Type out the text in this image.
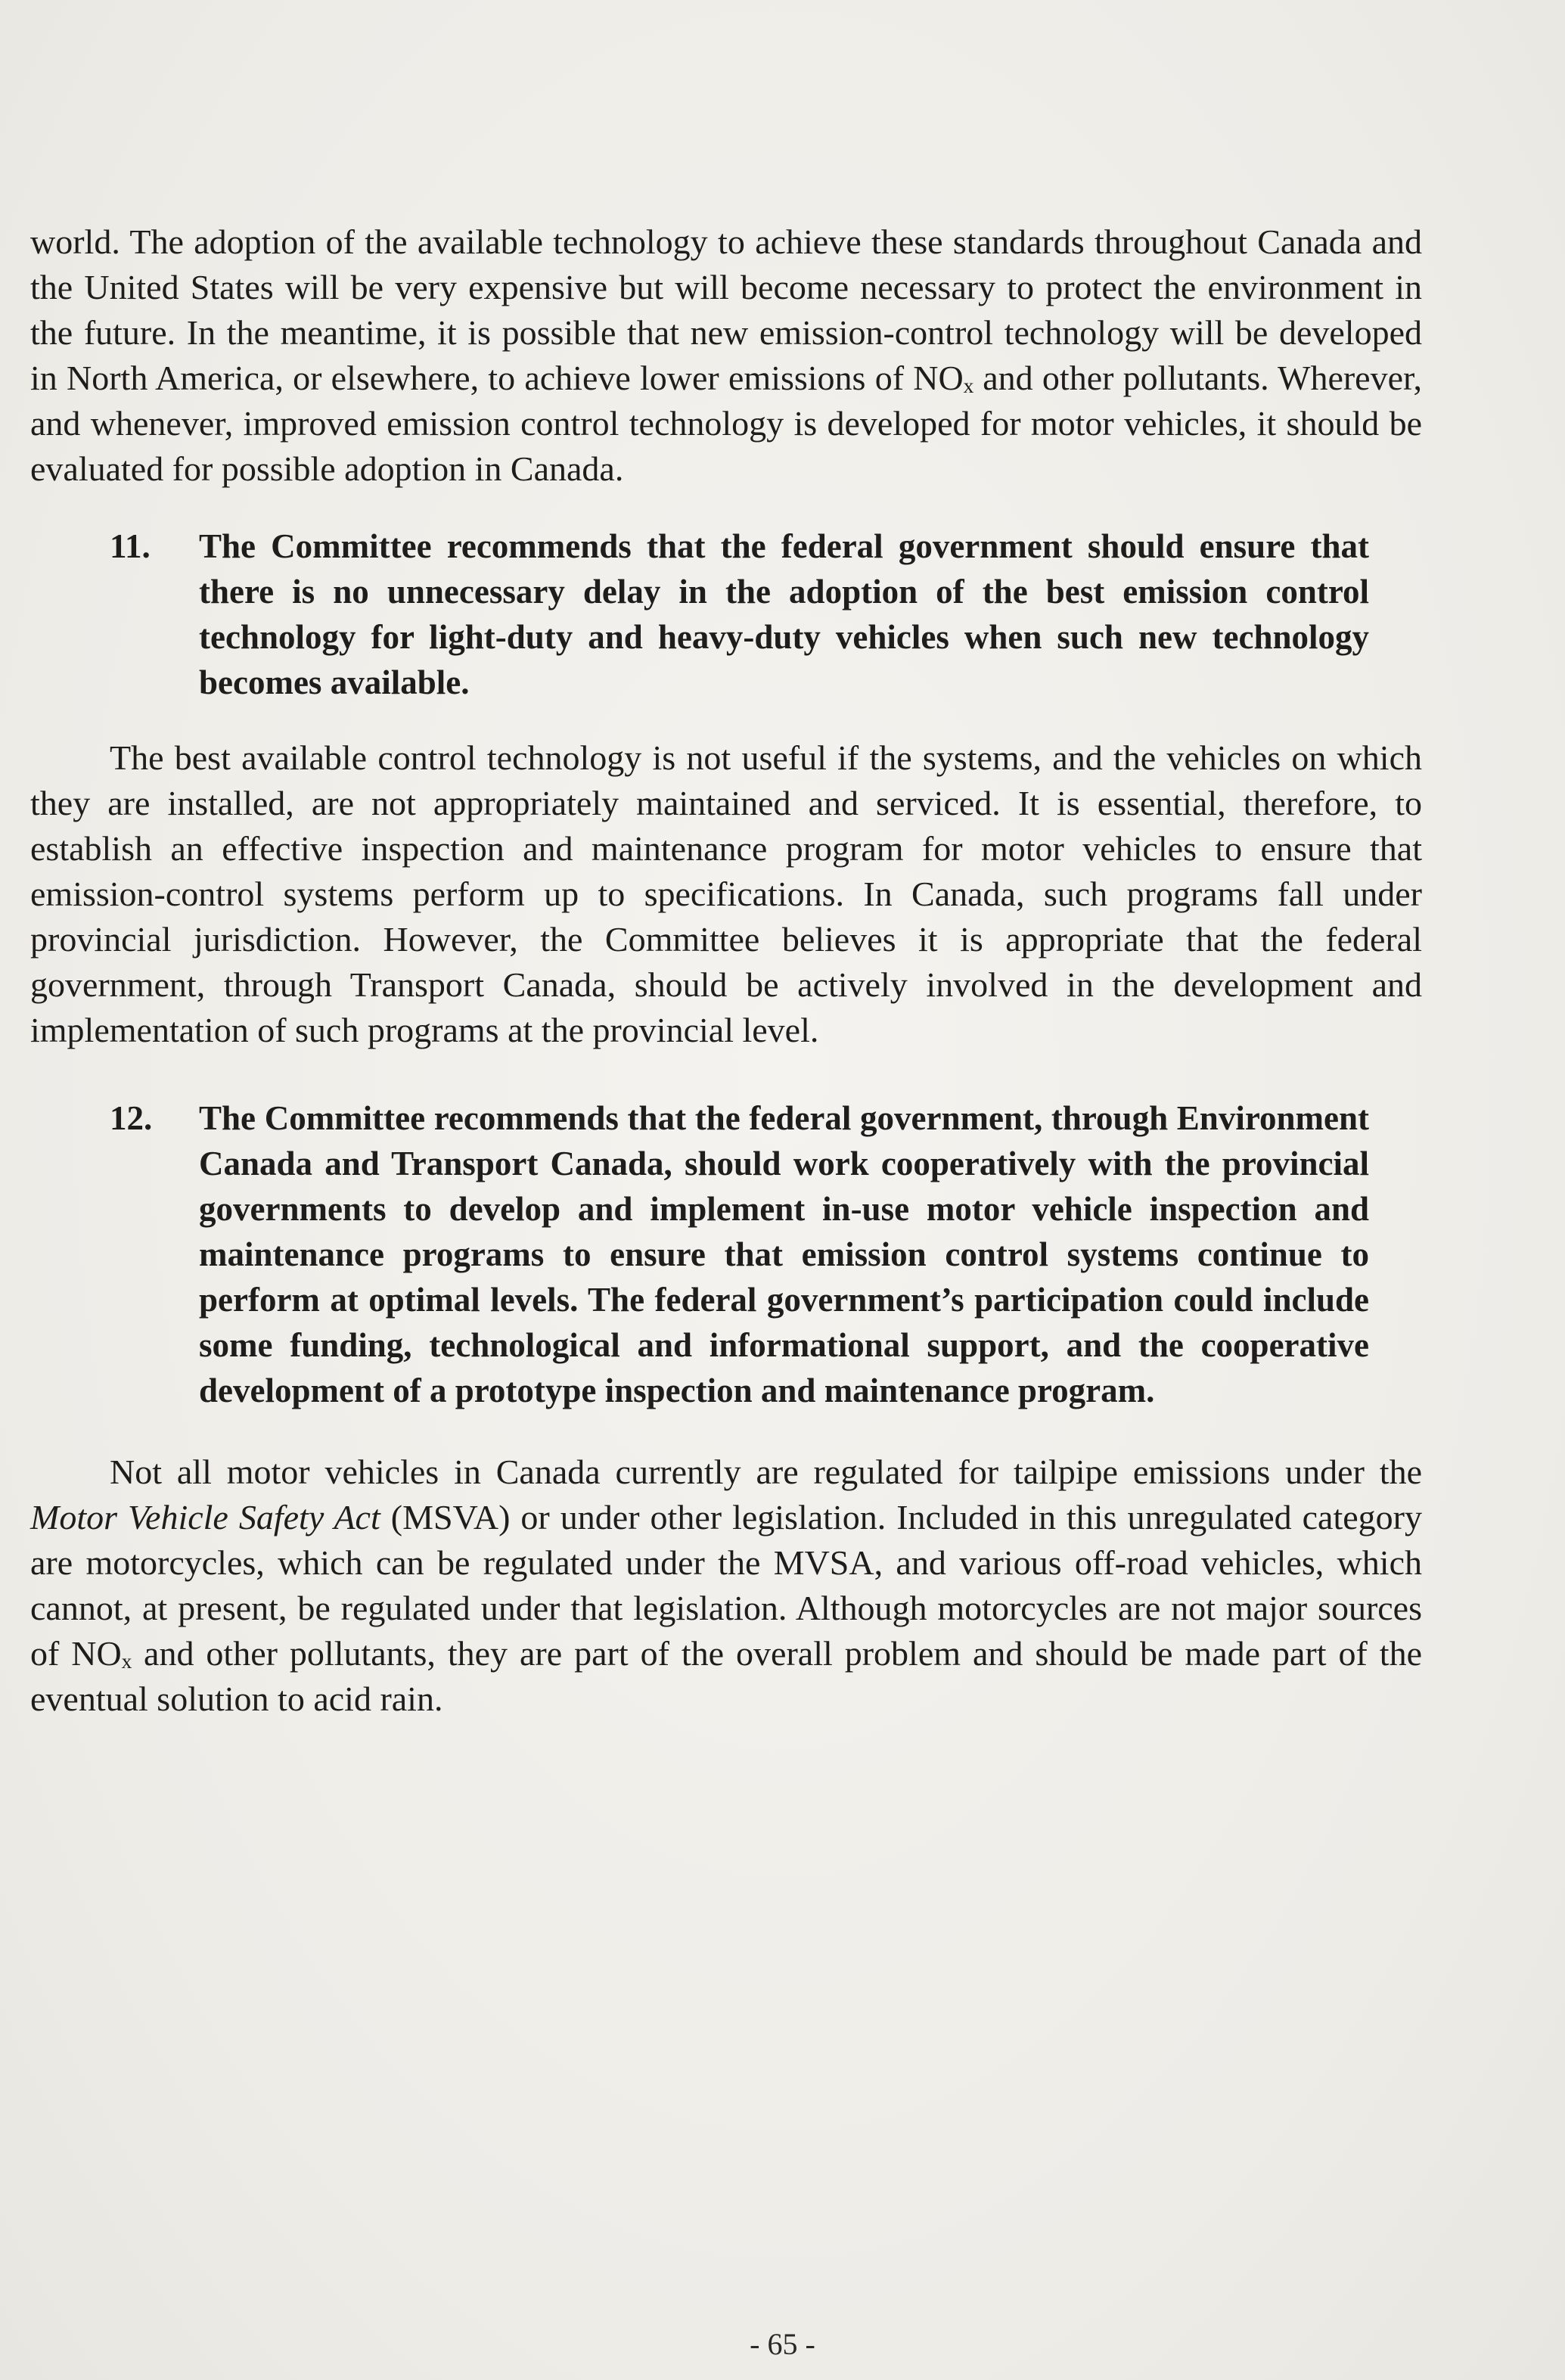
world. The adoption of the available technology to achieve these standards throughout Canada and the United States will be very expensive but will become necessary to protect the environment in the future. In the meantime, it is possible that new emission-control technology will be developed in North America, or elsewhere, to achieve lower emissions of NOₓ and other pollutants. Wherever, and whenever, improved emission control technology is developed for motor vehicles, it should be evaluated for possible adoption in Canada.

11.	The Committee recommends that the federal government should ensure that there is no unnecessary delay in the adoption of the best emission control technology for light-duty and heavy-duty vehicles when such new technology becomes available.

The best available control technology is not useful if the systems, and the vehicles on which they are installed, are not appropriately maintained and serviced. It is essential, therefore, to establish an effective inspection and maintenance program for motor vehicles to ensure that emission-control systems perform up to specifications. In Canada, such programs fall under provincial jurisdiction. However, the Committee believes it is appropriate that the federal government, through Transport Canada, should be actively involved in the development and implementation of such programs at the provincial level.

12.	The Committee recommends that the federal government, through Environment Canada and Transport Canada, should work cooperatively with the provincial governments to develop and implement in-use motor vehicle inspection and maintenance programs to ensure that emission control systems continue to perform at optimal levels. The federal government’s participation could include some funding, technological and informational support, and the cooperative development of a prototype inspection and maintenance program.

Not all motor vehicles in Canada currently are regulated for tailpipe emissions under the Motor Vehicle Safety Act (MSVA) or under other legislation. Included in this unregulated category are motorcycles, which can be regulated under the MVSA, and various off-road vehicles, which cannot, at present, be regulated under that legislation. Although motorcycles are not major sources of NOₓ and other pollutants, they are part of the overall problem and should be made part of the eventual solution to acid rain.

- 65 -
